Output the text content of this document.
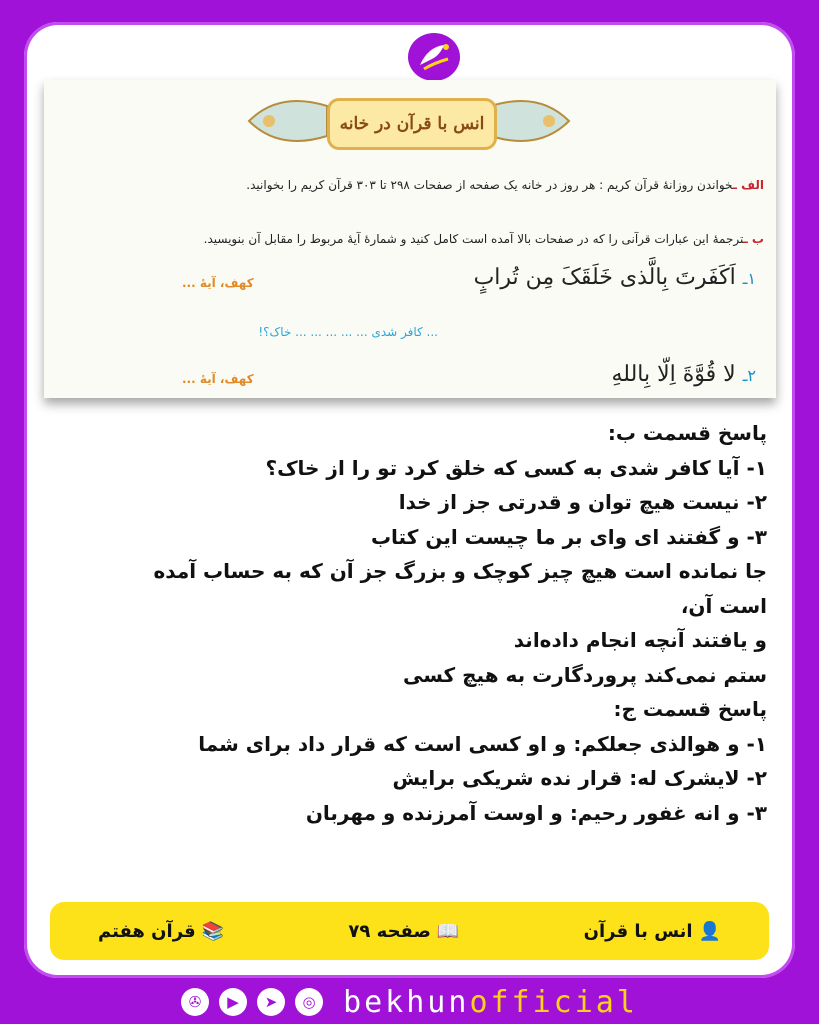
انس با قرآن در خانه
الف ـخواندن روزانهٔ قرآن کریم : هر روز در خانه یک صفحه از صفحات ۲۹۸ تا ۳۰۳ قرآن کریم را بخوانید.
ب ـترجمهٔ این عبارات قرآنی را که در صفحات بالا آمده است کامل کنید و شمارهٔ آیهٔ مربوط را مقابل آن بنویسید.
۱ـ اَکَفَرتَ بِالَّذی خَلَقَکَ مِن تُرابٍ
کهف، آیهٔ ...
... کافر شدی ... ... ... ... ... خاک؟!
۲ـ لا قُوَّةَ اِلّا بِاللهِ
کهف، آیهٔ ...
پاسخ قسمت ب:
۱- آیا کافر شدی به کسی که خلق کرد تو را از خاک؟
۲- نیست هیچ توان و قدرتی جز از خدا
۳- و گفتند ای وای بر ما چیست این کتاب
جا نمانده است هیچ چیز کوچک و بزرگ جز آن که به حساب آمده
است آن،
و یافتند آنچه انجام داده‌اند
ستم نمی‌کند پروردگارت به هیچ کسی
پاسخ قسمت ج:
۱- و هوالذی جعلکم: و او کسی است که قرار داد برای شما
۲- لایشرک له: قرار نده شریکی برایش
۳- و انه غفور رحیم: و اوست آمرزنده و مهربان
👤
انس با قرآن
📖
صفحه ۷۹
📚
قرآن هفتم
✇	▶	➤	◎ bekhunofficial
